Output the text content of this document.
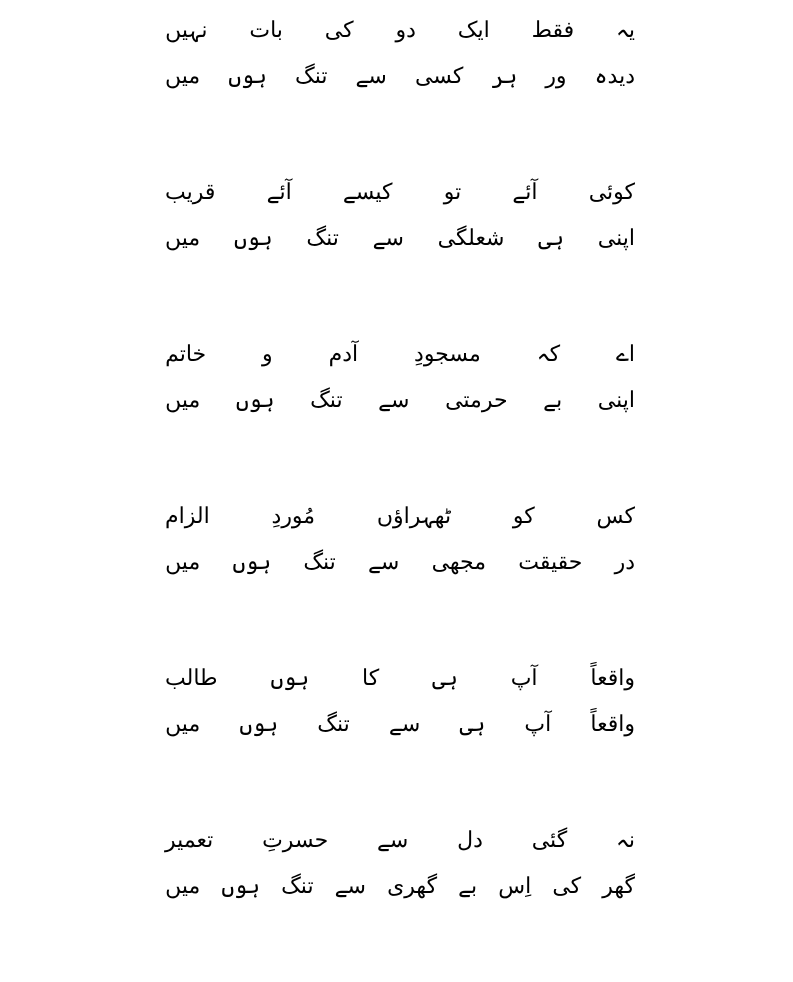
یہ
فقط
ایک
دو
کی
بات
نہیں
دیدہ
ور
ہر
کسی
سے
تنگ
ہوں
میں
کوئی
آئے
تو
کیسے
آئے
قریب
اپنی
ہی
شعلگی
سے
تنگ
ہوں
میں
اے
کہ
مسجودِ
آدم
و
خاتم
اپنی
بے
حرمتی
سے
تنگ
ہوں
میں
کس
کو
ٹھہراؤں
مُوردِ
الزام
در
حقیقت
مجھی
سے
تنگ
ہوں
میں
واقعاً
آپ
ہی
کا
ہوں
طالب
واقعاً
آپ
ہی
سے
تنگ
ہوں
میں
نہ
گئی
دل
سے
حسرتِ
تعمیر
گھر
کی
اِس
بے
گھری
سے
تنگ
ہوں
میں
